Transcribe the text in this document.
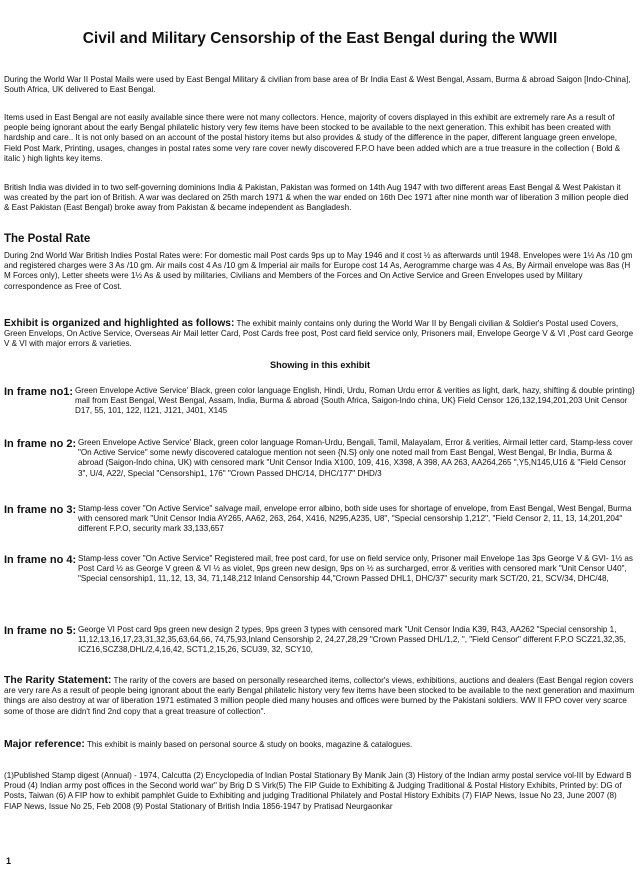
Civil and Military Censorship of the East Bengal during the WWII
During the World War II Postal Mails were used by East Bengal Military & civilian from base area of Br India East & West Bengal, Assam, Burma & abroad Saigon [Indo-China], South Africa, UK delivered to East Bengal.
Items used in East Bengal are not easily available since there were not many collectors. Hence, majority of covers displayed in this exhibit are extremely rare As a result of people being ignorant about the early Bengal philatelic history very few items have been stocked to be available to the next generation. This exhibit has been created with hardship and care.. It is not only based on an account of the postal history items but also provides & study of the difference in the paper, different language green envelope, Field Post Mark, Printing, usages, changes in postal rates some very rare cover newly discovered F.P.O have been added which are a true treasure in the collection ( Bold & italic ) high lights key items.
British India was divided in to two self-governing dominions India & Pakistan, Pakistan was formed on 14th Aug 1947 with two different areas East Bengal & West Pakistan it was created by the part ion of British. A war was declared on 25th march 1971 & when the war ended on 16th Dec 1971 after nine month war of liberation 3 million people died & East Pakistan (East Bengal) broke away from Pakistan & became independent as Bangladesh.
The Postal Rate
During 2nd World War British Indies Postal Rates were: For domestic mail Post cards 9ps up to May 1946 and it cost ½ as afterwards until 1948. Envelopes were 1½ As /10 gm and registered charges were 3 As /10 gm. Air mails cost 4 As /10 gm & Imperial air mails for Europe cost 14 As, Aerogramme charge was 4 As, By Airmail envelope was 8as (H M Forces only), Letter sheets were 1½ As & used by militaries, Civilians and Members of the Forces and On Active Service and Green Envelopes used by Military correspondence as Free of Cost.
Exhibit is organized and highlighted as follows: The exhibit mainly contains only during the World War II by Bengali civilian & Soldier's Postal used Covers, Green Envelops, On Active Service, Overseas Air Mail letter Card, Post Cards free post, Post card field service only, Prisoners mail, Envelope George V & VI ,Post card George V & VI with major errors & varieties.
Showing in this exhibit
In frame no1: Green Envelope Active Service' Black, green color language English, Hindi, Urdu, Roman Urdu error & verities as light, dark, hazy, shifting & double printing} mail from East Bengal, West Bengal, Assam, India, Burma & abroad {South Africa, Saigon-Indo china, UK} Field Censor 126,132,194,201,203 Unit Censor D17, 55, 101, 122, I121, J121, J401, X145
In frame no 2: Green Envelope Active Service' Black, green color language Roman-Urdu, Bengali, Tamil, Malayalam, Error & verities, Airmail letter card, Stamp-less cover "On Active Service" some newly discovered catalogue mention not seen {N.S} only one noted mail from East Bengal, West Bengal, Br India, Burma & abroad (Saigon-Indo china, UK) with censored mark "Unit Censor India X100, 109, 416, X398, A 398, AA 263, AA264,265 ",Y5,N145,U16 & "Field Censor 3", U/4, A22/, Special "Censorship1, 176" "Crown Passed DHC/14, DHC/177" DHD/3
In frame no 3: Stamp-less cover "On Active Service" salvage mail, envelope error albino, both side uses for shortage of envelope, from East Bengal, West Bengal, Burma with censored mark "Unit Censor India AY265, AA62, 263, 264, X416, N295,A235, U8", "Special censorship 1,212", "Field Censor 2, 11, 13, 14,201,204" different F.P.O, security mark 33,133,657
In frame no 4: Stamp-less cover "On Active Service" Registered mail, free post card, for use on field service only, Prisoner mail Envelope 1as 3ps George V & GVI- 1½ as Post Card ½ as George V green & VI ½ as violet, 9ps green new design, 9ps on ½ as surcharged, error & verities with censored mark "Unit Censor U40", "Special censorship1, 11,.12, 13, 34, 71,148,212 Inland Censorship 44,"Crown Passed DHL1, DHC/37" security mark SCT/20, 21, SCV/34, DHC/48,
In frame no 5: George VI Post card 9ps green new design 2 types, 9ps green 3 types with censored mark "Unit Censor India K39, R43, AA262 "Special censorship 1, 11,12,13,16,17,23,31,32,35,63,64,66, 74,75,93,Inland Censorship 2, 24,27,28,29 "Crown Passed DHL/1,2, ", "Field Censor" different F.P.O SCZ21,32,35, ICZ16,SCZ38,DHL/2,4,16,42, SCT1,2,15,26, SCU39, 32, SCY10,
The Rarity Statement: The rarity of the covers are based on personally researched items, collector's views, exhibitions, auctions and dealers (East Bengal region covers are very rare As a result of people being ignorant about the early Bengal philatelic history very few items have been stocked to be available to the next generation and maximum things are also destroy at war of liberation 1971 estimated 3 million people died many houses and offices were burned by the Pakistani soldiers. WW II FPO cover very scarce some of those are didn't find 2nd copy that a great treasure of collection".
Major reference: This exhibit is mainly based on personal source & study on books, magazine & catalogues.
(1)Published Stamp digest (Annual) - 1974, Calcutta (2) Encyclopedia of Indian Postal Stationary By Manik Jain (3) History of the Indian army postal service vol-III by Edward B Proud (4) Indian army post offices in the Second world war" by Brig D S Virk(5) The FIP Guide to Exhibiting & Judging Traditional & Postal History Exhibits, Printed by: DG of Posts, Taiwan (6) A FIP how to exhibit pamphlet Guide to Exhibiting and judging Traditional Philately and Postal History Exhibits (7) FIAP News, Issue No 23, June 2007 (8) FIAP News, Issue No 25, Feb 2008 (9) Postal Stationary of British India 1856-1947 by Pratisad Neurgaonkar
1
